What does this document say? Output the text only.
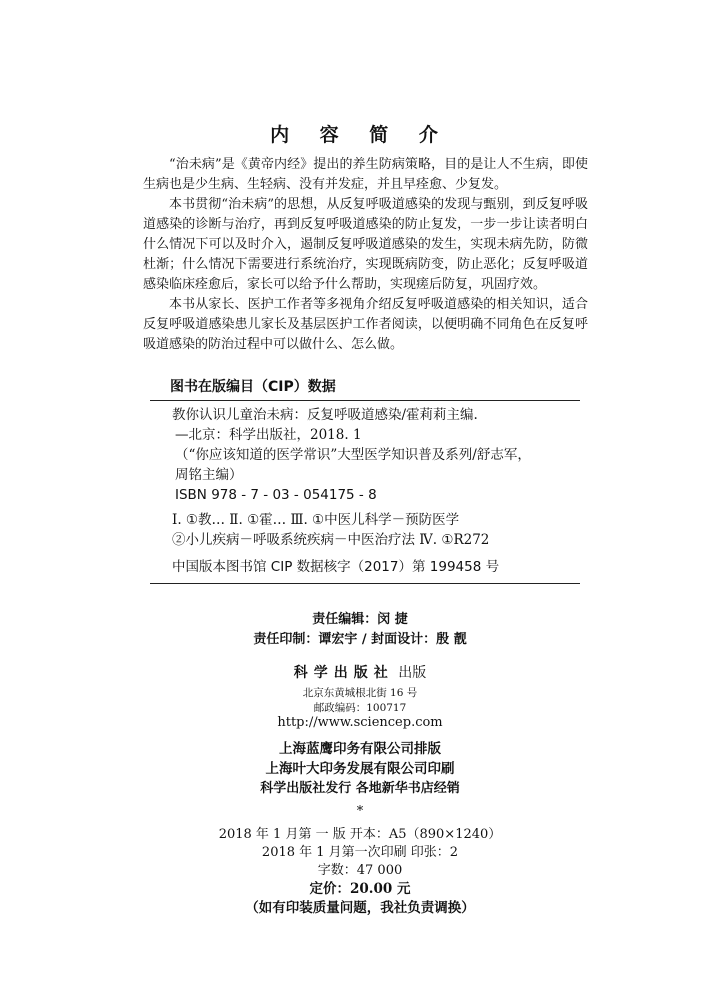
内 容 简 介

“治未病”是《黄帝内经》提出的养生防病策略，目的是让人不生病，即使生病也是少生病、生轻病、没有并发症，并且早痊愈、少复发。

本书贯彻“治未病”的思想，从反复呼吸道感染的发现与甄别，到反复呼吸道感染的诊断与治疗，再到反复呼吸道感染的防止复发，一步一步让读者明白什么情况下可以及时介入，遏制反复呼吸道感染的发生，实现未病先防，防微杜渐；什么情况下需要进行系统治疗，实现既病防变，防止恶化；反复呼吸道感染临床痊愈后，家长可以给予什么帮助，实现瘥后防复，巩固疗效。

本书从家长、医护工作者等多视角介绍反复呼吸道感染的相关知识，适合反复呼吸道感染患儿家长及基层医护工作者阅读，以便明确不同角色在反复呼吸道感染的防治过程中可以做什么、怎么做。

图书在版编目（CIP）数据
教你认识儿童治未病：反复呼吸道感染/霍莉莉主编.
—北京：科学出版社，2018. 1
（“你应该知道的医学常识”大型医学知识普及系列/舒志军，
周铭主编）
ISBN 978 - 7 - 03 - 054175 - 8
Ⅰ. ①教… Ⅱ. ①霍… Ⅲ. ①中医儿科学－预防医学
②小儿疾病－呼吸系统疾病－中医治疗法 Ⅳ. ①R272
中国版本图书馆 CIP 数据核字（2017）第 199458 号
责任编辑：闵 捷
责任印制：谭宏宇 / 封面设计：殷 靓
科学出版社 出版
北京东黄城根北街 16 号
邮政编码：100717
http://www.sciencep.com
上海蓝鹰印务有限公司排版
上海叶大印务发展有限公司印刷
科学出版社发行 各地新华书店经销
*
2018 年 1 月第 一 版 开本：A5（890×1240）
2018 年 1 月第一次印刷 印张：2
字数：47 000
定价：20.00 元
（如有印装质量问题，我社负责调换）
